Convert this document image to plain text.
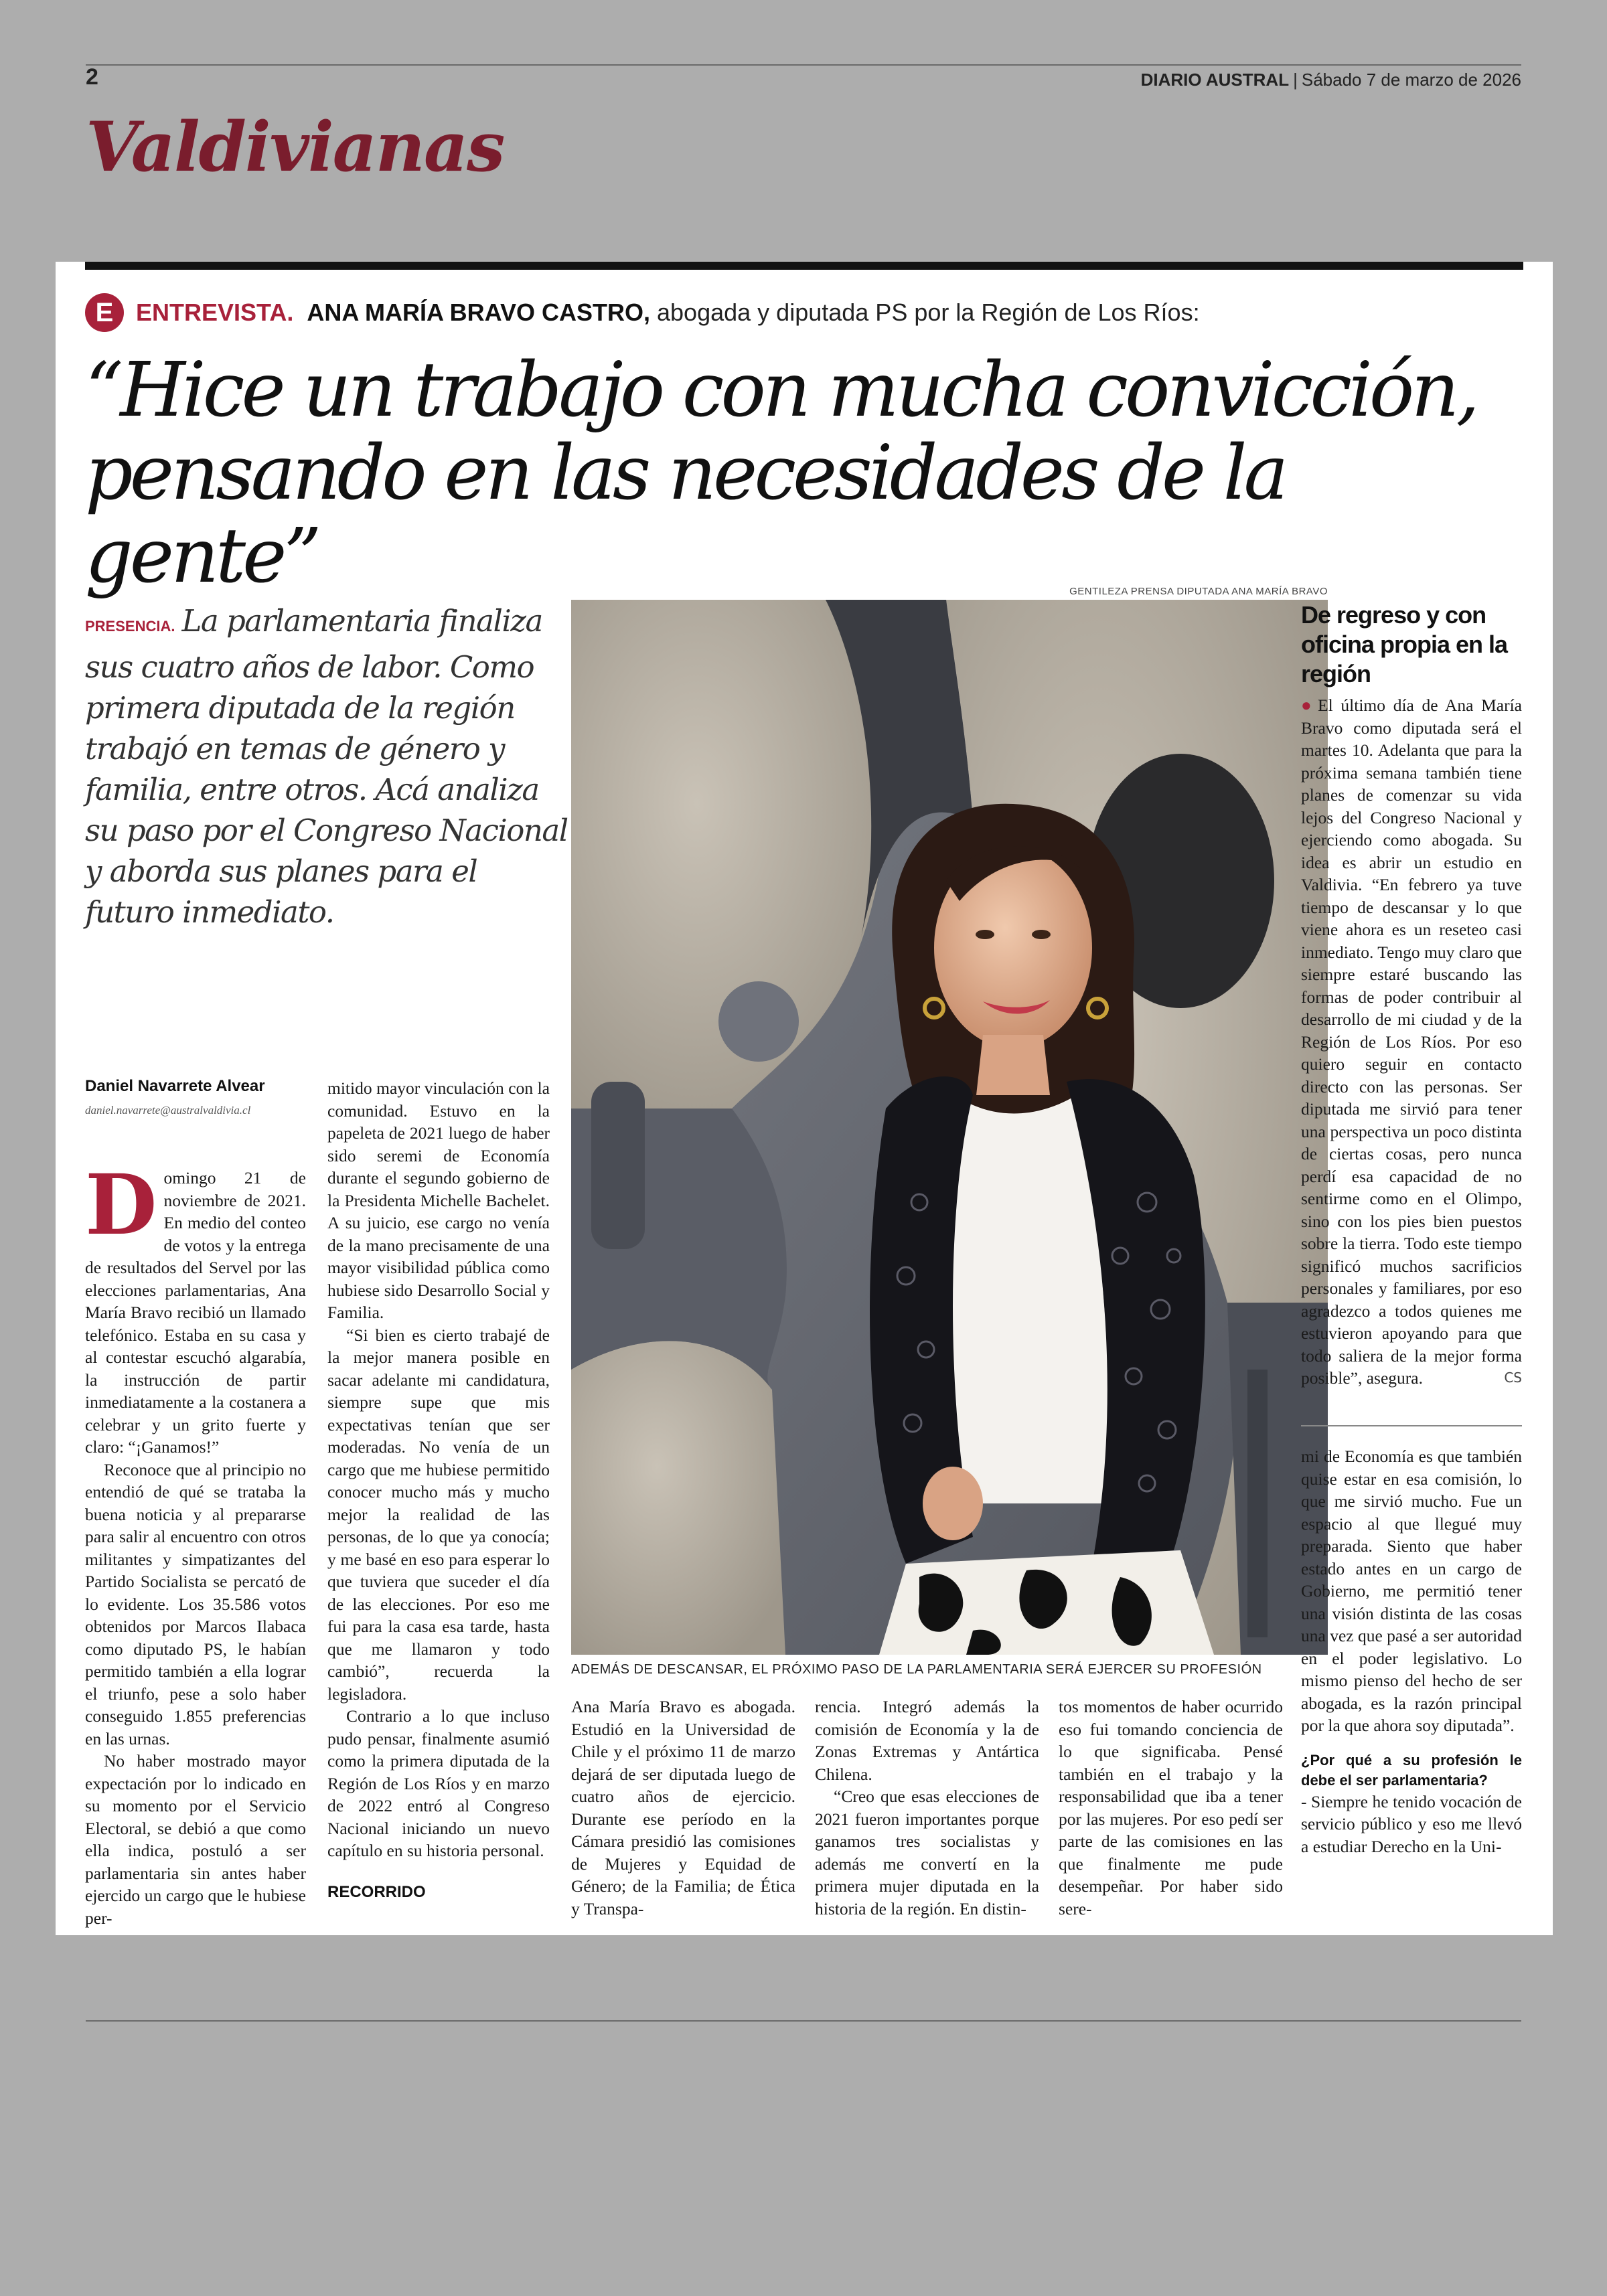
2	DIARIO AUSTRAL | Sábado 7 de marzo de 2026
Valdivianas
E ENTREVISTA. ANA MARÍA BRAVO CASTRO, abogada y diputada PS por la Región de Los Ríos:
“Hice un trabajo con mucha convicción, pensando en las necesidades de la gente”
PRESENCIA. La parlamentaria finaliza sus cuatro años de labor. Como primera diputada de la región trabajó en temas de género y familia, entre otros. Acá analiza su paso por el Congreso Nacional y aborda sus planes para el futuro inmediato.
GENTILEZA PRENSA DIPUTADA ANA MARÍA BRAVO
ADEMÁS DE DESCANSAR, EL PRÓXIMO PASO DE LA PARLAMENTARIA SERÁ EJERCER SU PROFESIÓN
Daniel Navarrete Alvear
daniel.navarrete@australvaldivia.cl

Domingo 21 de noviembre de 2021. En medio del conteo de votos y la entrega de resultados del Servel por las elecciones parlamentarias, Ana María Bravo recibió un llamado telefónico. Estaba en su casa y al contestar escuchó algarabía, la instrucción de partir inmediatamente a la costanera a celebrar y un grito fuerte y claro: “¡Ganamos!”

Reconoce que al principio no entendió de qué se trataba la buena noticia y al prepararse para salir al encuentro con otros militantes y simpatizantes del Partido Socialista se percató de lo evidente. Los 35.586 votos obtenidos por Marcos Ilabaca como diputado PS, le habían permitido también a ella lograr el triunfo, pese a solo haber conseguido 1.855 preferencias en las urnas.

No haber mostrado mayor expectación por lo indicado en su momento por el Servicio Electoral, se debió a que como ella indica, postuló a ser parlamentaria sin antes haber ejercido un cargo que le hubiese per-

mitido mayor vinculación con la comunidad. Estuvo en la papeleta de 2021 luego de haber sido seremi de Economía durante el segundo gobierno de la Presidenta Michelle Bachelet. A su juicio, ese cargo no venía de la mano precisamente de una mayor visibilidad pública como hubiese sido Desarrollo Social y Familia.

“Si bien es cierto trabajé de la mejor manera posible en sacar adelante mi candidatura, siempre supe que mis expectativas tenían que ser moderadas. No venía de un cargo que me hubiese permitido conocer mucho más y mucho mejor la realidad de las personas, de lo que ya conocía; y me basé en eso para esperar lo que tuviera que suceder el día de las elecciones. Por eso me fui para la casa esa tarde, hasta que me llamaron y todo cambió”, recuerda la legisladora.

Contrario a lo que incluso pudo pensar, finalmente asumió como la primera diputada de la Región de Los Ríos y en marzo de 2022 entró al Congreso Nacional iniciando un nuevo capítulo en su historia personal.

RECORRIDO

Ana María Bravo es abogada. Estudió en la Universidad de Chile y el próximo 11 de marzo dejará de ser diputada luego de cuatro años de ejercicio. Durante ese período en la Cámara presidió las comisiones de Mujeres y Equidad de Género; de la Familia; de Ética y Transpa-

rencia. Integró además la comisión de Economía y la de Zonas Extremas y Antártica Chilena.

“Creo que esas elecciones de 2021 fueron importantes porque ganamos tres socialistas y además me convertí en la primera mujer diputada en la historia de la región. En distin-

tos momentos de haber ocurrido eso fui tomando conciencia de lo que significaba. Pensé también en el trabajo y la responsabilidad que iba a tener por las mujeres. Por eso pedí ser parte de las comisiones en las que finalmente me pude desempeñar. Por haber sido sere-

De regreso y con oficina propia en la región

● El último día de Ana María Bravo como diputada será el martes 10. Adelanta que para la próxima semana también tiene planes de comenzar su vida lejos del Congreso Nacional y ejerciendo como abogada. Su idea es abrir un estudio en Valdivia. “En febrero ya tuve tiempo de descansar y lo que viene ahora es un reseteo casi inmediato. Tengo muy claro que siempre estaré buscando las formas de poder contribuir al desarrollo de mi ciudad y de la Región de Los Ríos. Por eso quiero seguir en contacto directo con las personas. Ser diputada me sirvió para tener una perspectiva un poco distinta de ciertas cosas, pero nunca perdí esa capacidad de no sentirme como en el Olimpo, sino con los pies bien puestos sobre la tierra. Todo este tiempo significó muchos sacrificios personales y familiares, por eso agradezco a todos quienes me estuvieron apoyando para que todo saliera de la mejor forma posible”, asegura.	CS

mi de Economía es que también quise estar en esa comisión, lo que me sirvió mucho. Fue un espacio al que llegué muy preparada. Siento que haber estado antes en un cargo de Gobierno, me permitió tener una visión distinta de las cosas una vez que pasé a ser autoridad en el poder legislativo. Lo mismo pienso del hecho de ser abogada, es la razón principal por la que ahora soy diputada”.

¿Por qué a su profesión le debe el ser parlamentaria?

- Siempre he tenido vocación de servicio público y eso me llevó a estudiar Derecho en la Uni-
